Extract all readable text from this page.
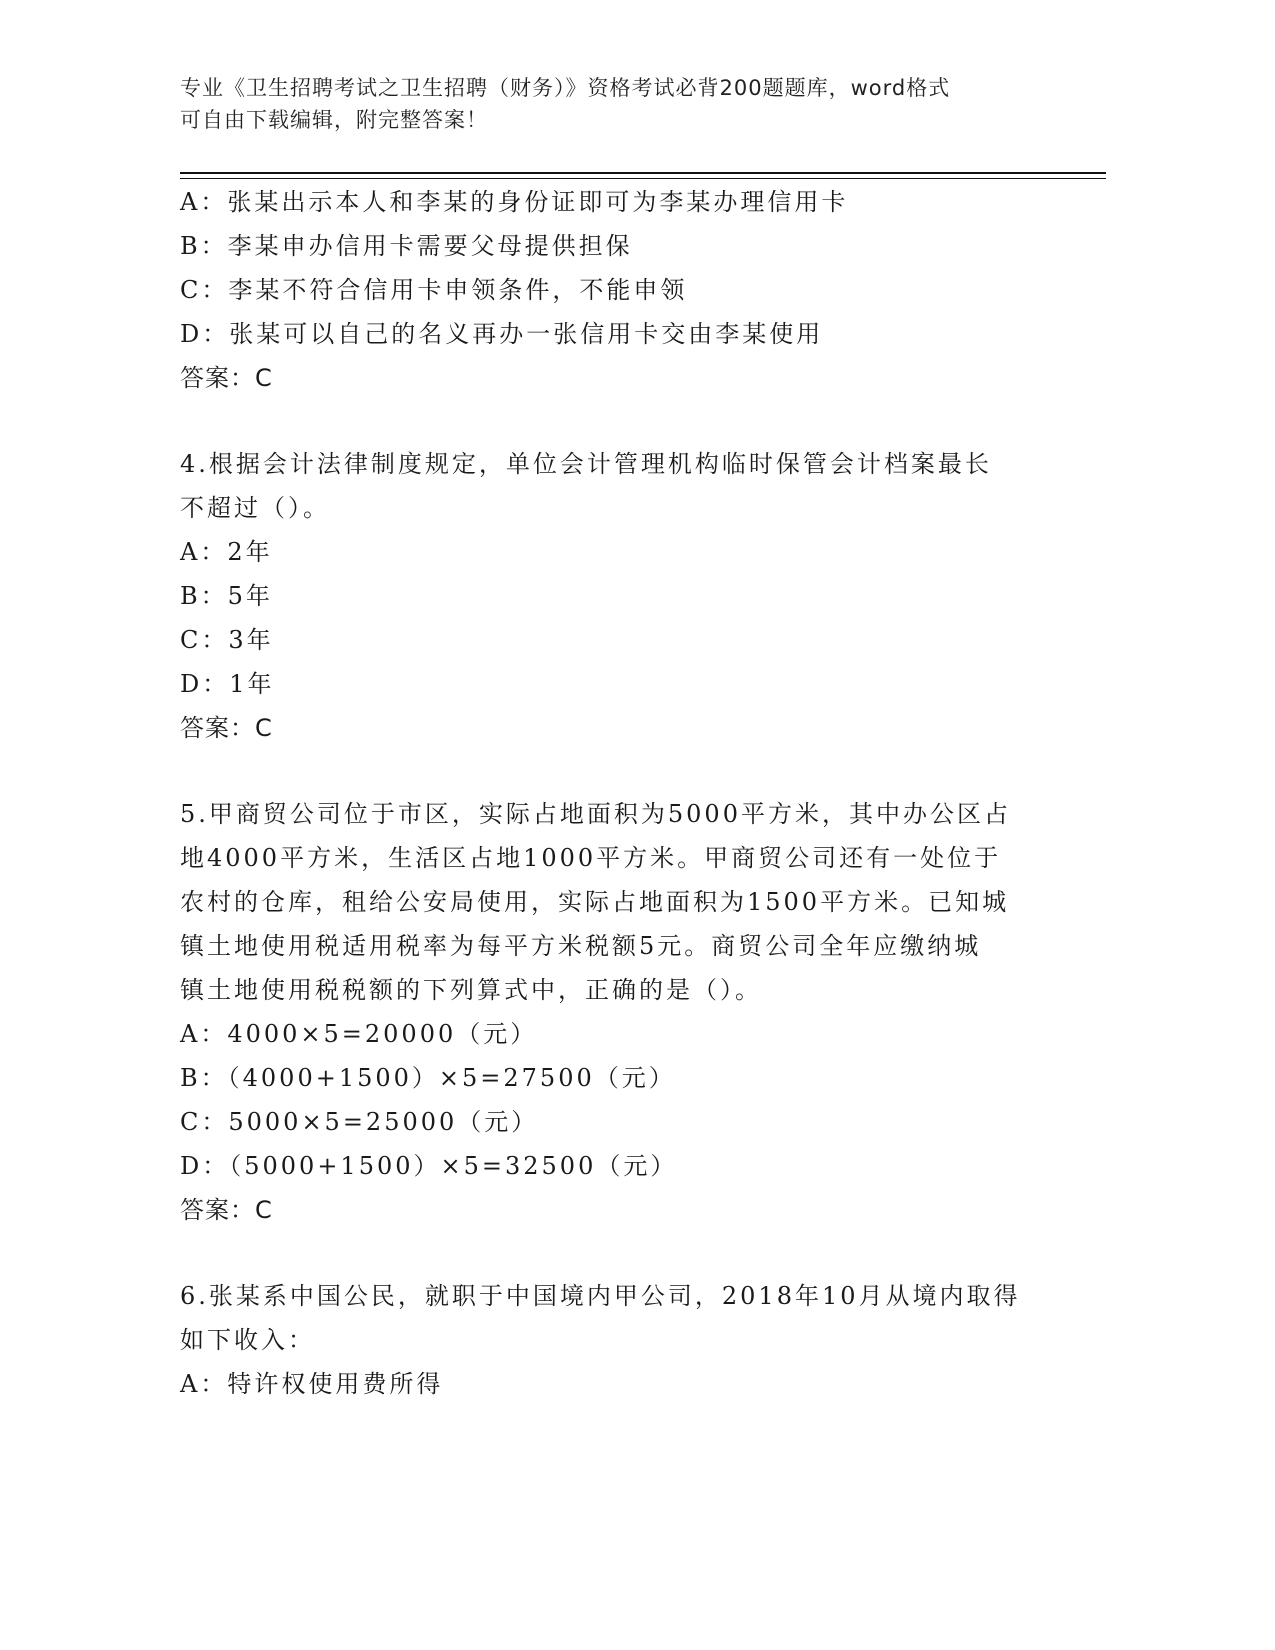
专业《卫生招聘考试之卫生招聘（财务）》资格考试必背200题题库，word格式
可自由下载编辑，附完整答案！
A：张某出示本人和李某的身份证即可为李某办理信用卡
B：李某申办信用卡需要父母提供担保
C：李某不符合信用卡申领条件，不能申领
D：张某可以自己的名义再办一张信用卡交由李某使用
答案：C
4.根据会计法律制度规定，单位会计管理机构临时保管会计档案最长
不超过（）。
A：2年
B：5年
C：3年
D：1年
答案：C
5.甲商贸公司位于市区，实际占地面积为5000平方米，其中办公区占
地4000平方米，生活区占地1000平方米。甲商贸公司还有一处位于
农村的仓库，租给公安局使用，实际占地面积为1500平方米。已知城
镇土地使用税适用税率为每平方米税额5元。商贸公司全年应缴纳城
镇土地使用税税额的下列算式中，正确的是（）。
A：4000×5=20000（元）
B：（4000+1500）×5=27500（元）
C：5000×5=25000（元）
D：（5000+1500）×5=32500（元）
答案：C
6.张某系中国公民，就职于中国境内甲公司，2018年10月从境内取得
如下收入：
A：特许权使用费所得
